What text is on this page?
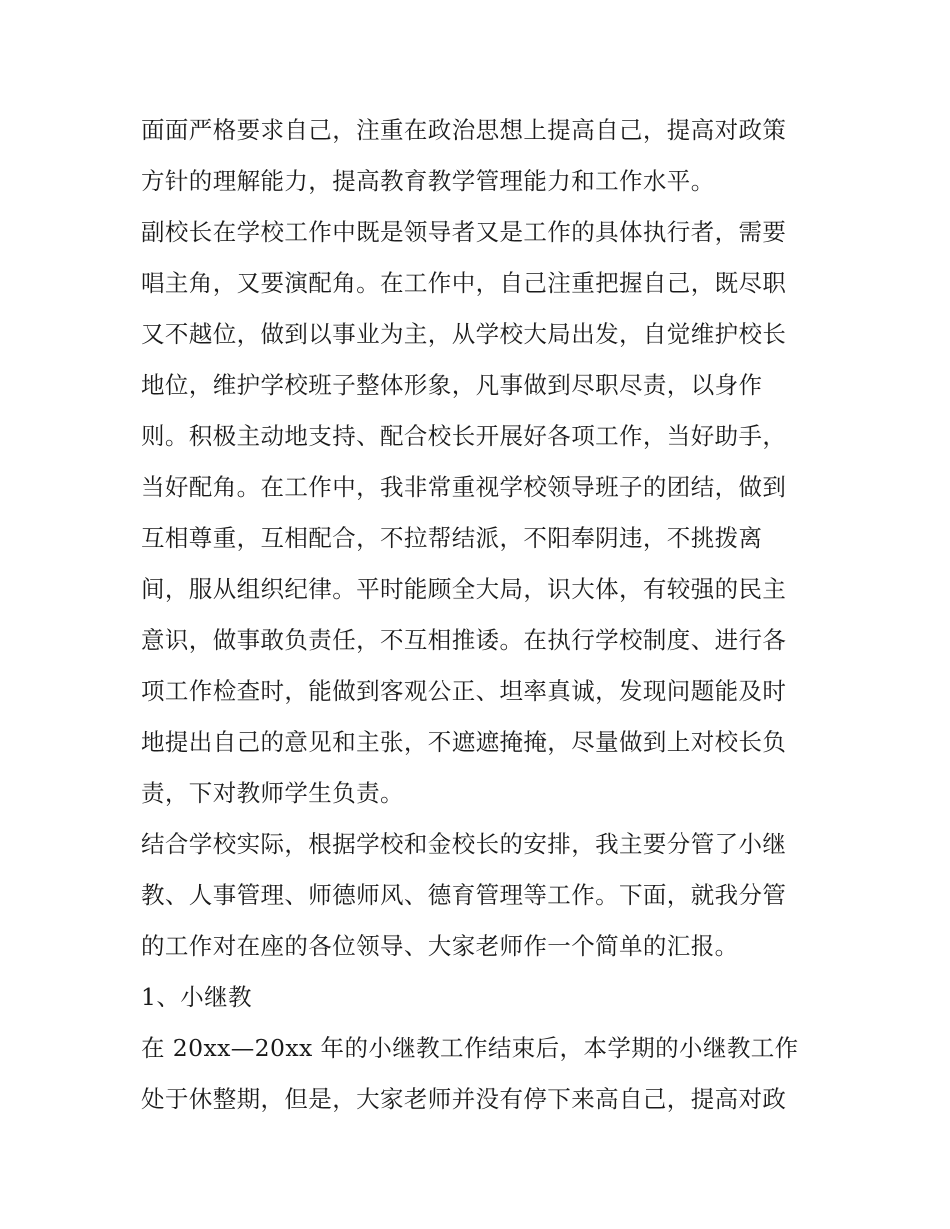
面面严格要求自己，注重在政治思想上提高自己，提高对政策
方针的理解能力，提高教育教学管理能力和工作水平。
副校长在学校工作中既是领导者又是工作的具体执行者，需要
唱主角，又要演配角。在工作中，自己注重把握自己，既尽职
又不越位，做到以事业为主，从学校大局出发，自觉维护校长
地位，维护学校班子整体形象，凡事做到尽职尽责，以身作
则。积极主动地支持、配合校长开展好各项工作，当好助手，
当好配角。在工作中，我非常重视学校领导班子的团结，做到
互相尊重，互相配合，不拉帮结派，不阳奉阴违，不挑拨离
间，服从组织纪律。平时能顾全大局，识大体，有较强的民主
意识，做事敢负责任，不互相推诿。在执行学校制度、进行各
项工作检查时，能做到客观公正、坦率真诚，发现问题能及时
地提出自己的意见和主张，不遮遮掩掩，尽量做到上对校长负
责，下对教师学生负责。
结合学校实际，根据学校和金校长的安排，我主要分管了小继
教、人事管理、师德师风、德育管理等工作。下面，就我分管
的工作对在座的各位领导、大家老师作一个简单的汇报。
1、小继教
在 20xx—20xx 年的小继教工作结束后，本学期的小继教工作
处于休整期，但是，大家老师并没有停下来高自己，提高对政
